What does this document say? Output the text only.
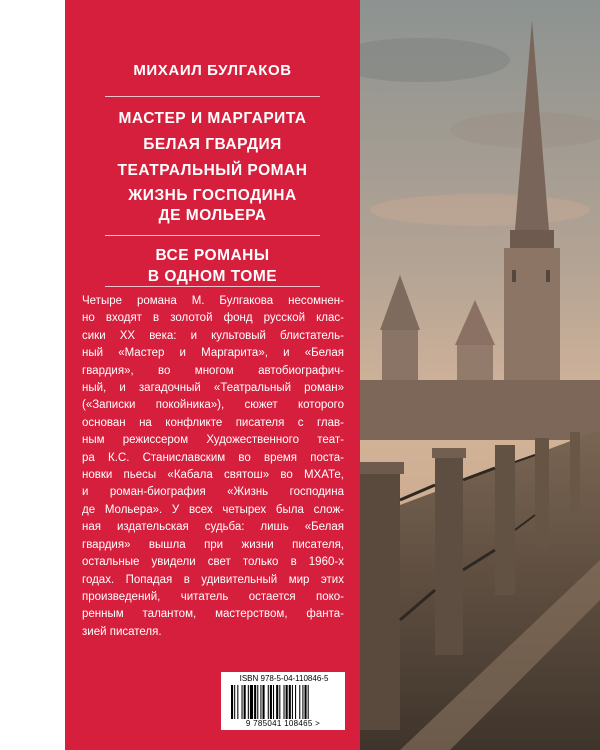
МИХАИЛ БУЛГАКОВ
МАСТЕР И МАРГАРИТА
БЕЛАЯ ГВАРДИЯ
ТЕАТРАЛЬНЫЙ РОМАН
ЖИЗНЬ ГОСПОДИНА
ДЕ МОЛЬЕРА
ВСЕ РОМАНЫ
В ОДНОМ ТОМЕ
Четыре романа М. Булгакова несомнен-
но входят в золотой фонд русской клас-
сики XX века: и культовый блистатель-
ный «Мастер и Маргарита», и «Белая
гвардия», во многом автобиографич-
ный, и загадочный «Театральный роман»
(«Записки покойника»), сюжет которого
основан на конфликте писателя с глав-
ным режиссером Художественного теат-
ра К.С. Станиславским во время поста-
новки пьесы «Кабала святош» во МХАТе,
и роман-биография «Жизнь господина
де Мольера». У всех четырех была слож-
ная издательская судьба: лишь «Белая
гвардия» вышла при жизни писателя,
остальные увидели свет только в 1960-х
годах. Попадая в удивительный мир этих
произведений, читатель остается поко-
ренным талантом, мастерством, фанта-
зией писателя.
ISBN 978-5-04-110846-5
9 785041 108465 >
